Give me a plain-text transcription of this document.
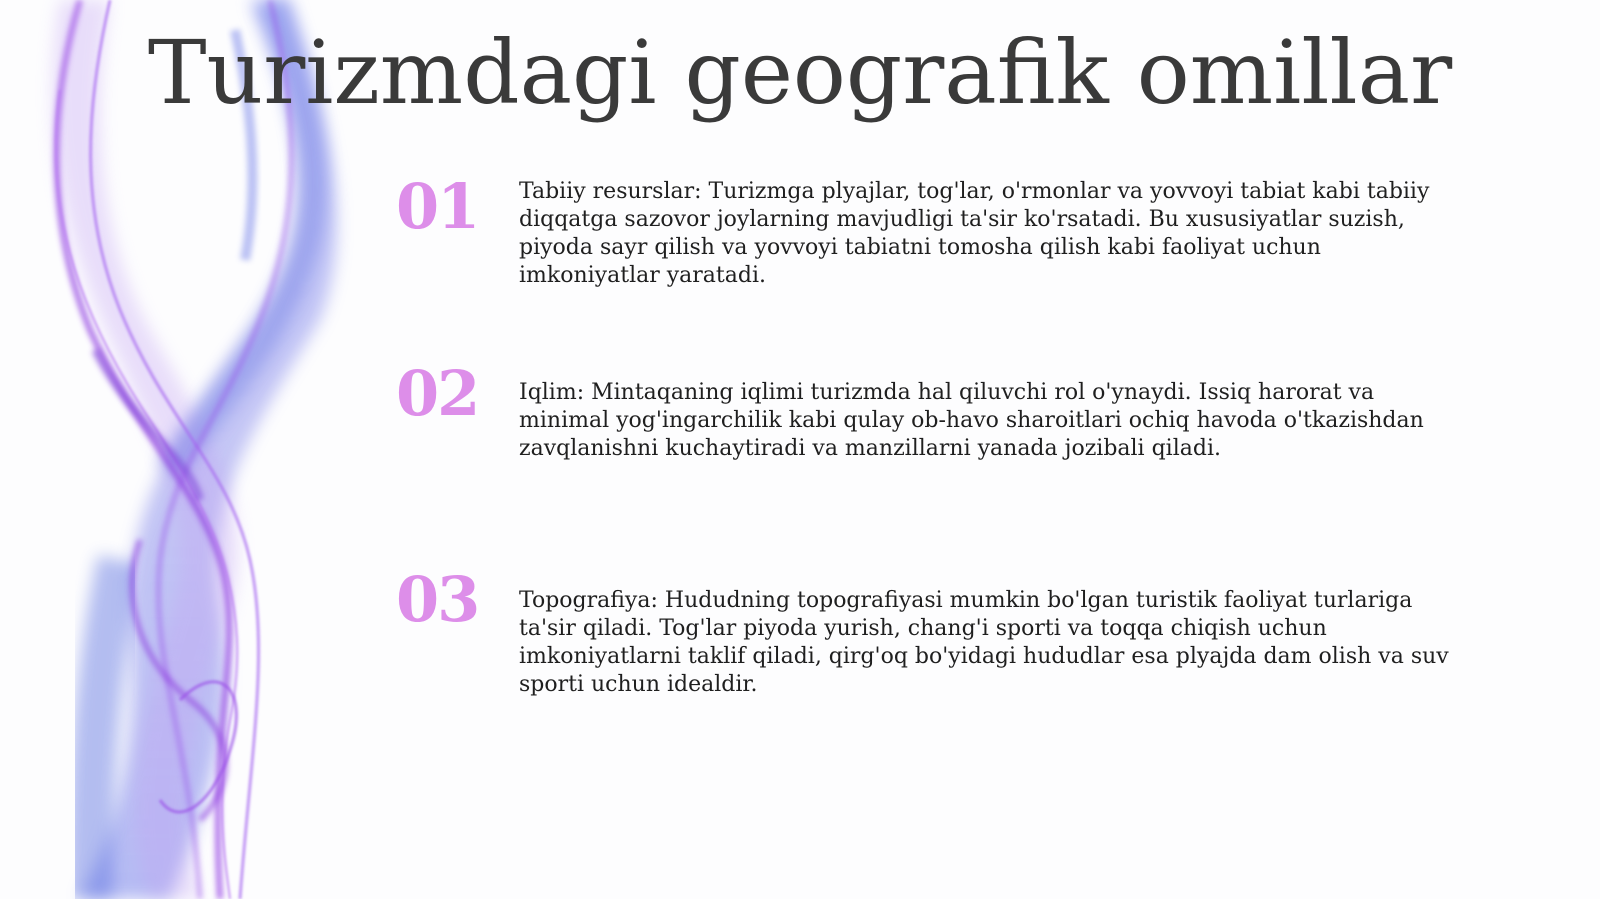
Turizmdagi geografik omillar
01 Tabiiy resurslar: Turizmga plyajlar, tog'lar, o'rmonlar va yovvoyi tabiat kabi tabiiy diqqatga sazovor joylarning mavjudligi ta'sir ko'rsatadi. Bu xususiyatlar suzish, piyoda sayr qilish va yovvoyi tabiatni tomosha qilish kabi faoliyat uchun imkoniyatlar yaratadi.

02 Iqlim: Mintaqaning iqlimi turizmda hal qiluvchi rol o'ynaydi. Issiq harorat va minimal yog'ingarchilik kabi qulay ob-havo sharoitlari ochiq havoda o'tkazishdan zavqlanishni kuchaytiradi va manzillarni yanada jozibali qiladi.

03 Topografiya: Hududning topografiyasi mumkin bo'lgan turistik faoliyat turlariga ta'sir qiladi. Tog'lar piyoda yurish, chang'i sporti va toqqa chiqish uchun imkoniyatlarni taklif qiladi, qirg'oq bo'yidagi hududlar esa plyajda dam olish va suv sporti uchun idealdir.
